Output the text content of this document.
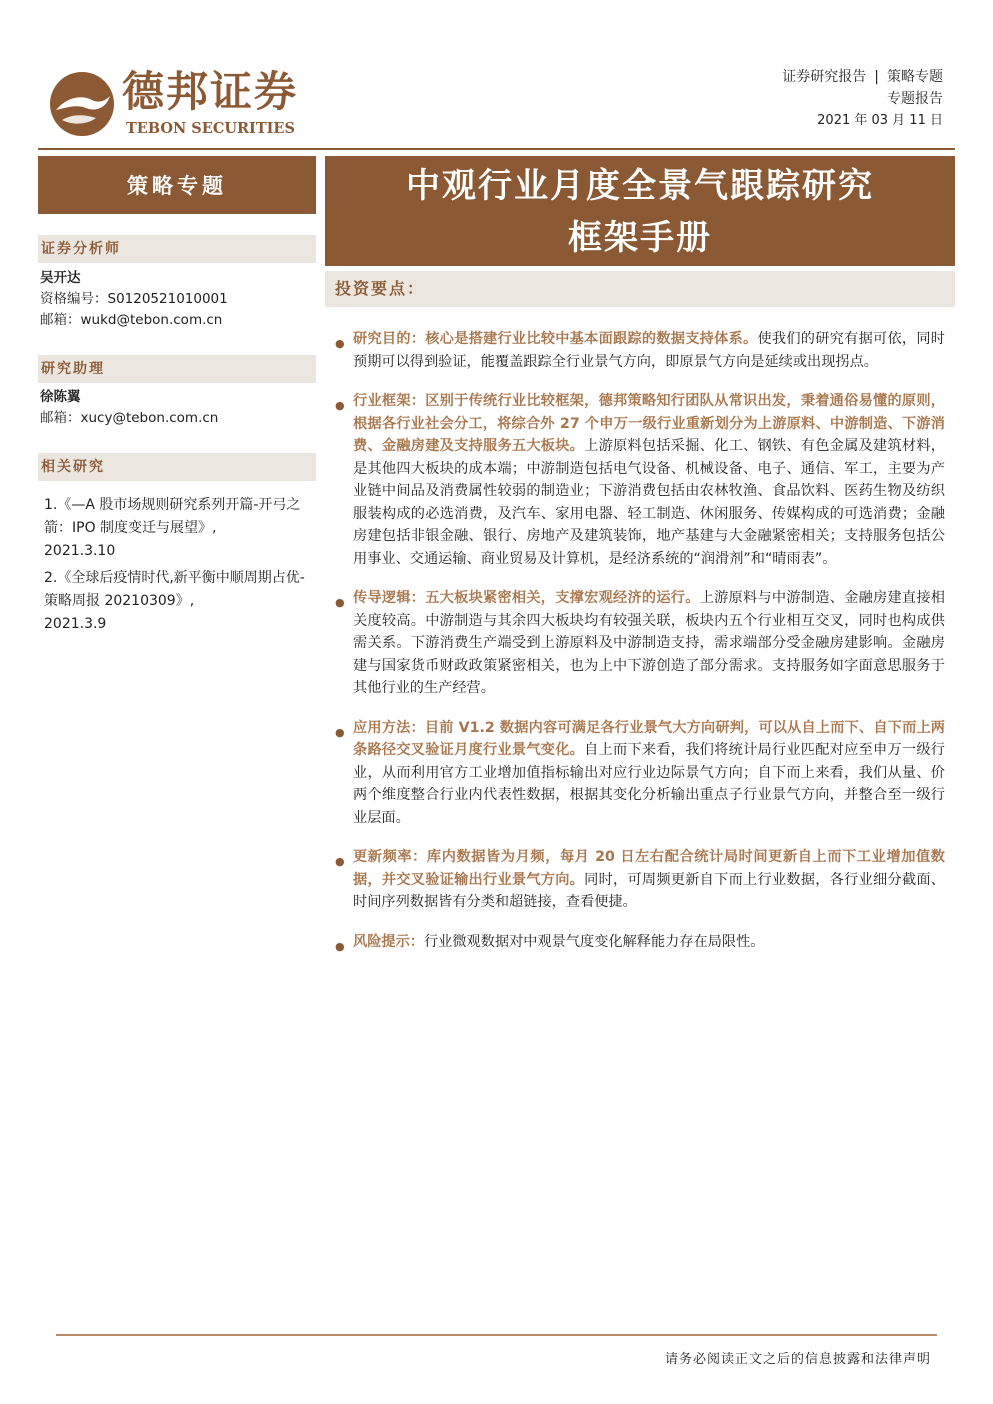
德邦证券
TEBON SECURITIES
证券研究报告 | 策略专题
专题报告
2021 年 03 月 11 日
策略专题
证券分析师
吴开达
资格编号：S0120521010001
邮箱：wukd@tebon.com.cn
研究助理
徐陈翼
邮箱：xucy@tebon.com.cn
相关研究

1.《—A 股市场规则研究系列开篇-开弓之箭：IPO 制度变迁与展望》,
2021.3.10

2.《全球后疫情时代,新平衡中顺周期占优-策略周报 20210309》,
2021.3.9

中观行业月度全景气跟踪研究
框架手册
投资要点：
● 研究目的：核心是搭建行业比较中基本面跟踪的数据支持体系。使我们的研究有据可依，同时预期可以得到验证，能覆盖跟踪全行业景气方向，即原景气方向是延续或出现拐点。
● 行业框架：区别于传统行业比较框架，德邦策略知行团队从常识出发，秉着通俗易懂的原则，根据各行业社会分工，将综合外 27 个申万一级行业重新划分为上游原料、中游制造、下游消费、金融房建及支持服务五大板块。上游原料包括采掘、化工、钢铁、有色金属及建筑材料，是其他四大板块的成本端；中游制造包括电气设备、机械设备、电子、通信、军工，主要为产业链中间品及消费属性较弱的制造业；下游消费包括由农林牧渔、食品饮料、医药生物及纺织服装构成的必选消费，及汽车、家用电器、轻工制造、休闲服务、传媒构成的可选消费；金融房建包括非银金融、银行、房地产及建筑装饰，地产基建与大金融紧密相关；支持服务包括公用事业、交通运输、商业贸易及计算机，是经济系统的“润滑剂”和“晴雨表”。
● 传导逻辑：五大板块紧密相关，支撑宏观经济的运行。上游原料与中游制造、金融房建直接相关度较高。中游制造与其余四大板块均有较强关联，板块内五个行业相互交叉，同时也构成供需关系。下游消费生产端受到上游原料及中游制造支持，需求端部分受金融房建影响。金融房建与国家货币财政政策紧密相关，也为上中下游创造了部分需求。支持服务如字面意思服务于其他行业的生产经营。
● 应用方法：目前 V1.2 数据内容可满足各行业景气大方向研判，可以从自上而下、自下而上两条路径交叉验证月度行业景气变化。自上而下来看，我们将统计局行业匹配对应至申万一级行业，从而利用官方工业增加值指标输出对应行业边际景气方向；自下而上来看，我们从量、价两个维度整合行业内代表性数据，根据其变化分析输出重点子行业景气方向，并整合至一级行业层面。
● 更新频率：库内数据皆为月频，每月 20 日左右配合统计局时间更新自上而下工业增加值数据，并交叉验证输出行业景气方向。同时，可周频更新自下而上行业数据，各行业细分截面、时间序列数据皆有分类和超链接，查看便捷。
● 风险提示：行业微观数据对中观景气度变化解释能力存在局限性。
请务必阅读正文之后的信息披露和法律声明
